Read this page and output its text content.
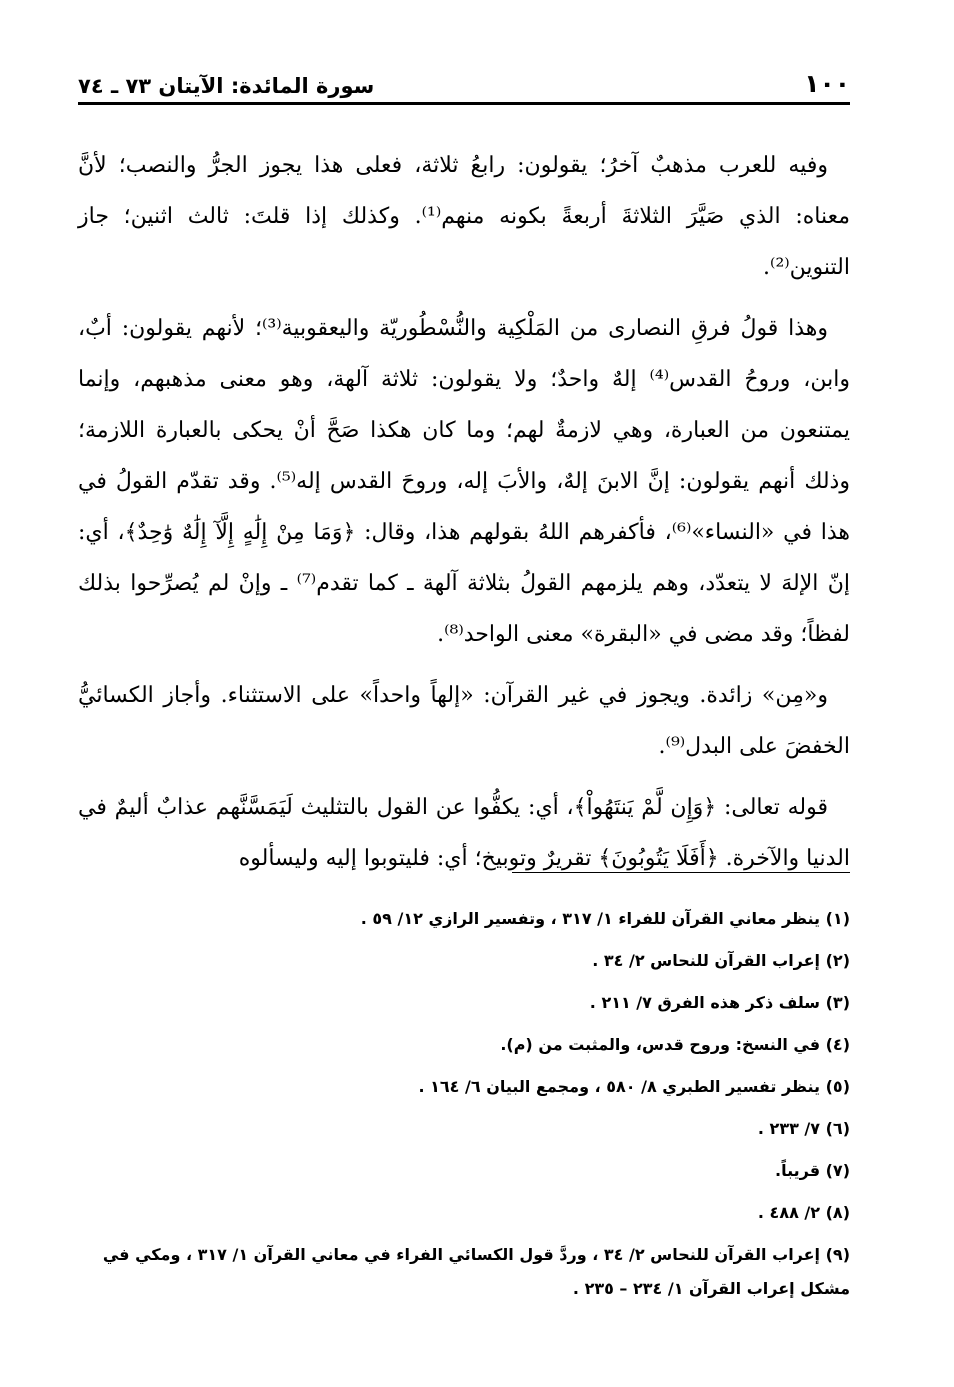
١٠٠
سورة المائدة: الآيتان ٧٣ ـ ٧٤

وفيه للعرب مذهبٌ آخرُ؛ يقولون: رابعُ ثلاثة، فعلى هذا يجوز الجرُّ والنصب؛ لأنَّ معناه: الذي صَيَّرَ الثلاثةَ أربعةً بكونه منهم⁽¹⁾. وكذلك إذا قلتَ: ثالث اثنين؛ جاز التنوين⁽²⁾.

وهذا قولُ فرقِ النصارى من المَلْكِية والنُّسْطُوريّة واليعقوبية⁽³⁾؛ لأنهم يقولون: أبٌ، وابن، وروحُ القدس⁽⁴⁾ إلهٌ واحدٌ؛ ولا يقولون: ثلاثة آلهة، وهو معنى مذهبهم، وإنما يمتنعون من العبارة، وهي لازمةٌ لهم؛ وما كان هكذا صَحَّ أنْ يحكى بالعبارة اللازمة؛ وذلك أنهم يقولون: إنَّ الابنَ إلهٌ، والأبَ إله، وروحَ القدس إله⁽⁵⁾. وقد تقدّم القولُ في هذا في «النساء»⁽⁶⁾، فأكفرهم اللهُ بقولهم هذا، وقال: ﴿وَمَا مِنْ إِلَٰهٍ إِلَّآ إِلَٰهٌ وَٰحِدٌ﴾، أي: إنّ الإلهَ لا يتعدّد، وهم يلزمهم القولُ بثلاثة آلهة ـ كما تقدم⁽⁷⁾ ـ وإنْ لم يُصرِّحوا بذلك لفظاً؛ وقد مضى في «البقرة» معنى الواحد⁽⁸⁾.

و«مِن» زائدة. ويجوز في غير القرآن: «إلهاً واحداً» على الاستثناء. وأجاز الكسائيُّ الخفضَ على البدل⁽⁹⁾.

قوله تعالى: ﴿وَإِن لَّمْ يَنتَهُواْ﴾، أي: يكفُّوا عن القول بالتثليث لَيَمَسَّنَّهم عذابٌ أليمٌ في الدنيا والآخرة. ﴿أَفَلَا يَتُوبُونَ﴾ تقريرٌ وتوبيخ؛ أي: فليتوبوا إليه وليسألوه

(١) ينظر معاني القرآن للفراء ١/ ٣١٧ ، وتفسير الرازي ١٢/ ٥٩ .
(٢) إعراب القرآن للنحاس ٢/ ٣٤ .
(٣) سلف ذكر هذه الفرق ٧/ ٢١١ .
(٤) في النسخ: وروح قدس، والمثبت من (م).
(٥) ينظر تفسير الطبري ٨/ ٥٨٠ ، ومجمع البيان ٦/ ١٦٤ .
(٦) ٧/ ٢٣٣ .
(٧) قريباً.
(٨) ٢/ ٤٨٨ .
(٩) إعراب القرآن للنحاس ٢/ ٣٤ ، وردَّ قول الكسائي الفراء في معاني القرآن ١/ ٣١٧ ، ومكي في مشكل إعراب القرآن ١/ ٢٣٤ – ٢٣٥ .
